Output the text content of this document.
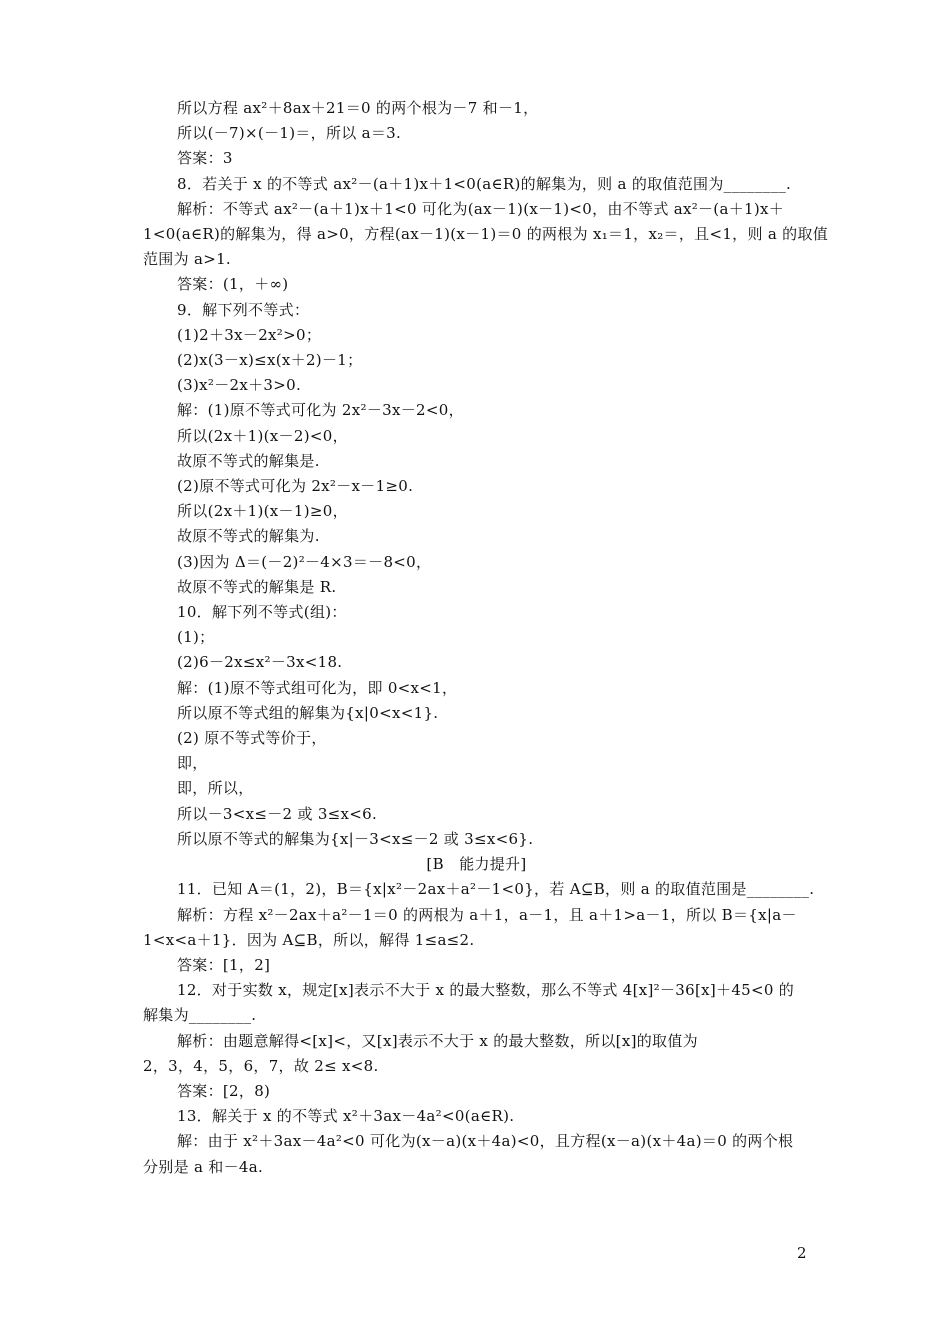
所以方程 ax²＋8ax＋21＝0 的两个根为－7 和－1，
所以(－7)×(－1)＝，所以 a＝3.
答案：3
8．若关于 x 的不等式 ax²－(a＋1)x＋1<0(a∈R)的解集为，则 a 的取值范围为________.
解析：不等式 ax²－(a＋1)x＋1<0 可化为(ax－1)(x－1)<0，由不等式 ax²－(a＋1)x＋
1<0(a∈R)的解集为，得 a>0，方程(ax－1)(x－1)＝0 的两根为 x₁＝1，x₂＝，且<1，则 a 的取值
范围为 a>1.
答案：(1，＋∞)
9．解下列不等式：
(1)2＋3x－2x²>0；
(2)x(3－x)≤x(x＋2)－1；
(3)x²－2x＋3>0.
解：(1)原不等式可化为 2x²－3x－2<0，
所以(2x＋1)(x－2)<0，
故原不等式的解集是.
(2)原不等式可化为 2x²－x－1≥0.
所以(2x＋1)(x－1)≥0，
故原不等式的解集为.
(3)因为 Δ＝(－2)²－4×3＝－8<0，
故原不等式的解集是 R.
10．解下列不等式(组)：
(1)；
(2)6－2x≤x²－3x<18.
解：(1)原不等式组可化为，即 0<x<1，
所以原不等式组的解集为{x|0<x<1}.
(2) 原不等式等价于，
即，
即，所以，
所以－3<x≤－2 或 3≤x<6.
所以原不等式的解集为{x|－3<x≤－2 或 3≤x<6}.
[B　能力提升]
11．已知 A＝(1，2)，B＝{x|x²－2ax＋a²－1<0}，若 A⊆B，则 a 的取值范围是________.
解析：方程 x²－2ax＋a²－1＝0 的两根为 a＋1，a－1，且 a＋1>a－1，所以 B＝{x|a－
1<x<a＋1}．因为 A⊆B，所以，解得 1≤a≤2.
答案：[1，2]
12．对于实数 x，规定[x]表示不大于 x 的最大整数，那么不等式 4[x]²－36[x]＋45<0 的
解集为________.
解析：由题意解得<[x]<，又[x]表示不大于 x 的最大整数，所以[x]的取值为
2，3，4，5，6，7，故 2≤ x<8.
答案：[2，8)
13．解关于 x 的不等式 x²＋3ax－4a²<0(a∈R).
解：由于 x²＋3ax－4a²<0 可化为(x－a)(x＋4a)<0，且方程(x－a)(x＋4a)＝0 的两个根
分别是 a 和－4a.
2
